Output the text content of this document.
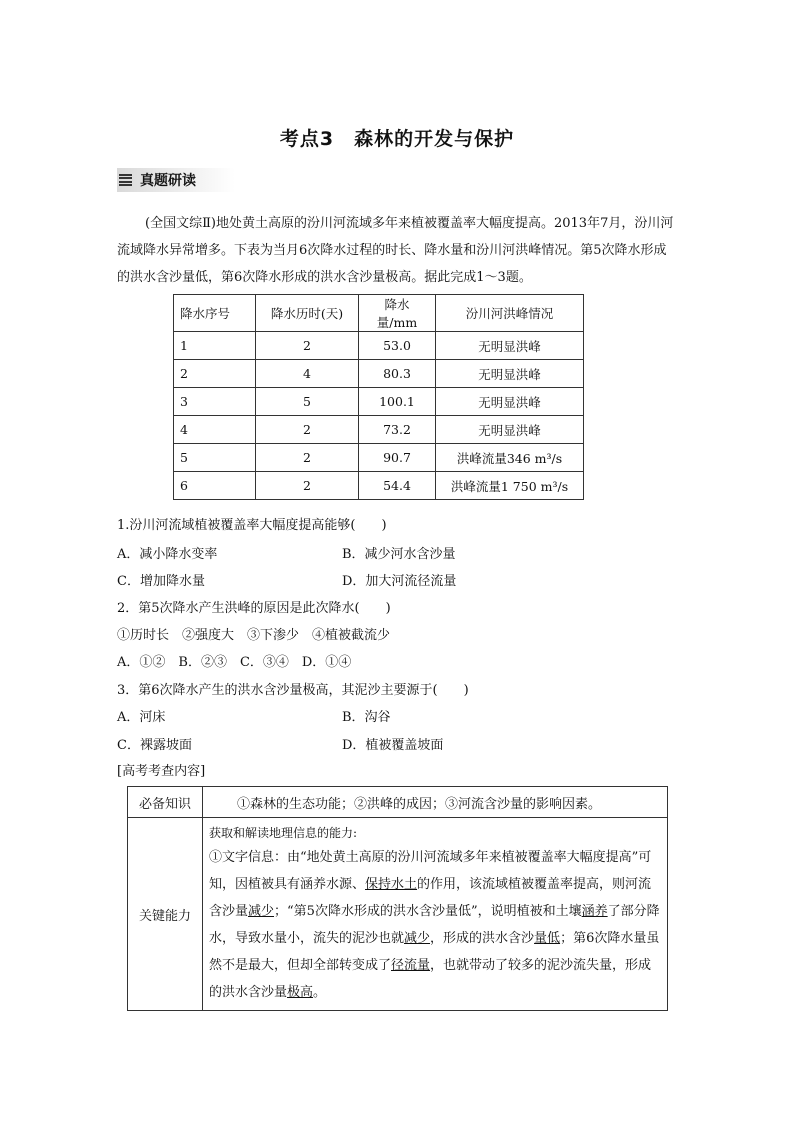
考点3　森林的开发与保护
真题研读
(全国文综Ⅱ)地处黄土高原的汾川河流域多年来植被覆盖率大幅度提高。2013年7月，汾川河流域降水异常增多。下表为当月6次降水过程的时长、降水量和汾川河洪峰情况。第5次降水形成的洪水含沙量低，第6次降水形成的洪水含沙量极高。据此完成1～3题。
降水序号	降水历时(天)	降水量/mm	汾川河洪峰情况
1	2	53.0	无明显洪峰
2	4	80.3	无明显洪峰
3	5	100.1	无明显洪峰
4	2	73.2	无明显洪峰
5	2	90.7	洪峰流量346 m³/s
6	2	54.4	洪峰流量1 750 m³/s
1.汾川河流域植被覆盖率大幅度提高能够(　　)
A．减小降水变率	B．减少河水含沙量
C．增加降水量	D．加大河流径流量
2．第5次降水产生洪峰的原因是此次降水(　　)
①历时长　②强度大　③下渗少　④植被截流少
A．①②　B．②③　C．③④　D．①④
3．第6次降水产生的洪水含沙量极高，其泥沙主要源于(　　)
A．河床	B．沟谷
C．裸露坡面	D．植被覆盖坡面
[高考考查内容]
必备知识	①森林的生态功能；②洪峰的成因；③河流含沙量的影响因素。
关键能力	获取和解读地理信息的能力:
①文字信息：由“地处黄土高原的汾川河流域多年来植被覆盖率大幅度提高”可知，因植被具有涵养水源、保持水土的作用，该流域植被覆盖率提高，则河流含沙量减少；“第5次降水形成的洪水含沙量低”，说明植被和土壤涵养了部分降水，导致水量小，流失的泥沙也就减少，形成的洪水含沙量低；第6次降水量虽然不是最大，但却全部转变成了径流量，也就带动了较多的泥沙流失量，形成的洪水含沙量极高。
